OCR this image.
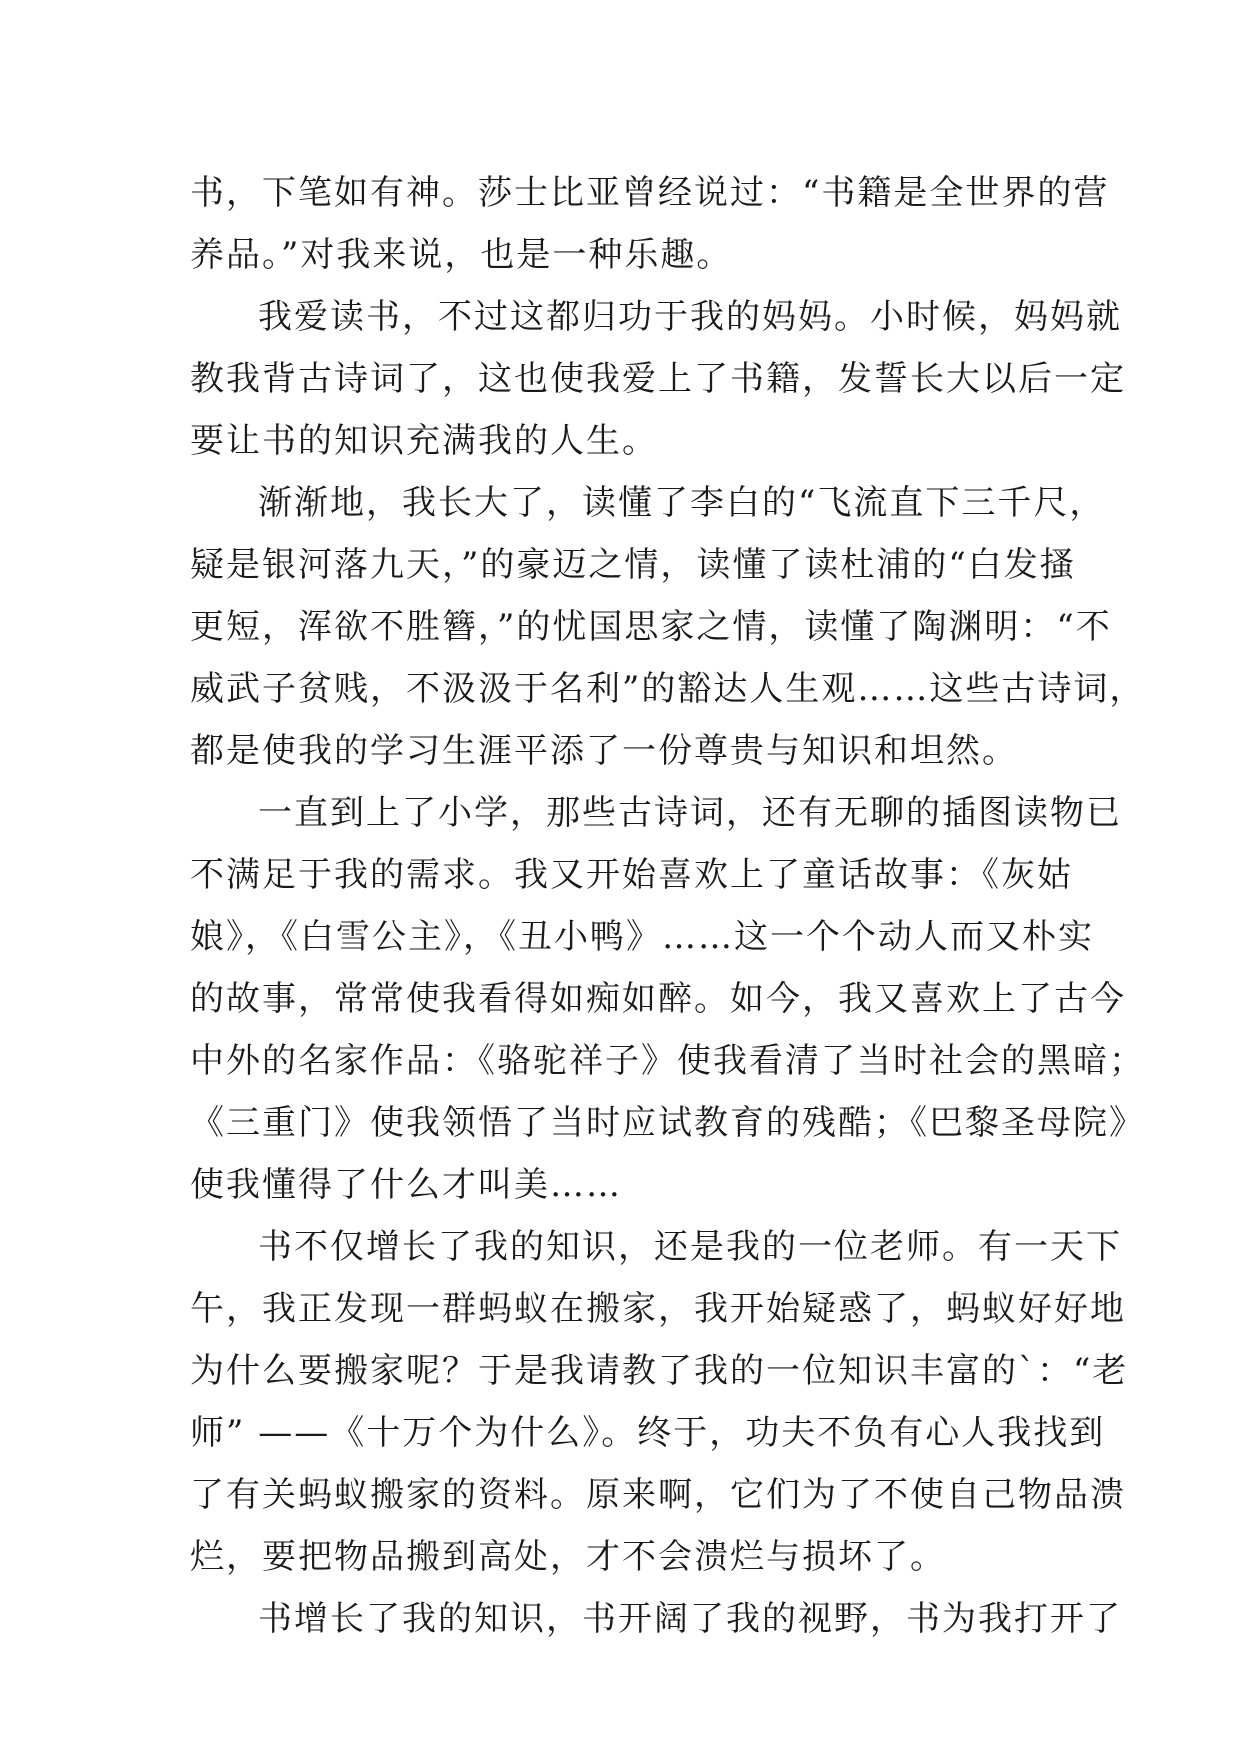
书，下笔如有神。莎士比亚曾经说过：“书籍是全世界的营
养品。”对我来说，也是一种乐趣。
我爱读书，不过这都归功于我的妈妈。小时候，妈妈就
教我背古诗词了，这也使我爱上了书籍，发誓长大以后一定
要让书的知识充满我的人生。
渐渐地，我长大了，读懂了李白的“飞流直下三千尺，
疑是银河落九天，”的豪迈之情，读懂了读杜浦的“白发搔
更短，浑欲不胜簪，”的忧国思家之情，读懂了陶渊明：“不
威武子贫贱，不汲汲于名利”的豁达人生观……这些古诗词，
都是使我的学习生涯平添了一份尊贵与知识和坦然。
一直到上了小学，那些古诗词，还有无聊的插图读物已
不满足于我的需求。我又开始喜欢上了童话故事：《灰姑
娘》，《白雪公主》，《丑小鸭》……这一个个动人而又朴实
的故事，常常使我看得如痴如醉。如今，我又喜欢上了古今
中外的名家作品：《骆驼祥子》使我看清了当时社会的黑暗；
《三重门》使我领悟了当时应试教育的残酷；《巴黎圣母院》
使我懂得了什么才叫美……
书不仅增长了我的知识，还是我的一位老师。有一天下
午，我正发现一群蚂蚁在搬家，我开始疑惑了，蚂蚁好好地
为什么要搬家呢？于是我请教了我的一位知识丰富的`：“老
师” ——《十万个为什么》。终于，功夫不负有心人我找到
了有关蚂蚁搬家的资料。原来啊，它们为了不使自己物品溃
烂，要把物品搬到高处，才不会溃烂与损坏了。
书增长了我的知识，书开阔了我的视野，书为我打开了
